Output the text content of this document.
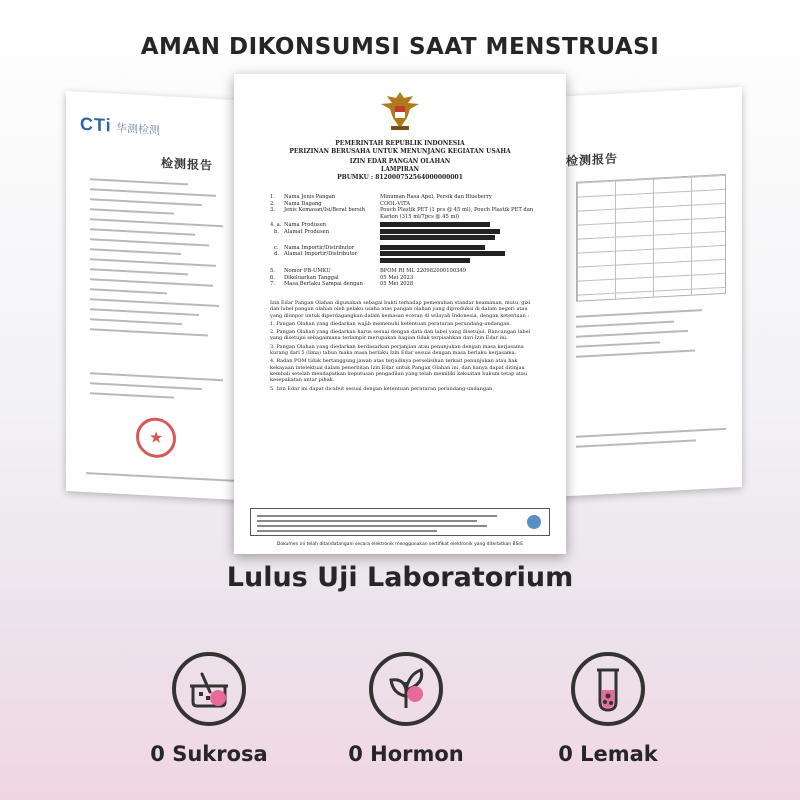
AMAN DIKONSUMSI SAAT MENSTRUASI
CTi 华测检测
检测报告
★	检测报告
PEMERINTAH REPUBLIK INDONESIA
PERIZINAN BERUSAHA UNTUK MENUNJANG KEGIATAN USAHA
IZIN EDAR PANGAN OLAHAN
LAMPIRAN
PBUMKU : 812000752564000000001
1.	Nama Jenis Pangan	Minuman Rasa Apel, Persik dan Blueberry
2.	Nama Dagang	COOL-VITA
3.	Jenis Kemasan/Isi/Berat bersih	Pouch Plastik PET (1 pcs @ 45 ml), Pouch Plastik PET dan Karton (315 ml/7pcs @ 45 ml)
4. a. Nama Produsen
b. Alamat Produsen
c.	Nama Importir/Distributor
d. Alamat Importir/Distributor
5.	Nomor PB-UMKU	BPOM RI ML 220982000100349
6.	Dikeluarkan Tanggal	05 Mei 2023
7.	Masa Berlaku Sampai dengan	05 Mei 2028
Izin Edar Pangan Olahan digunakan sebagai bukti terhadap pemenuhan standar keamanan, mutu, gizi dan label pangan olahan oleh pelaku usaha atas pangan olahan yang diproduksi di dalam negeri atau yang diimpor untuk diperdagangkan dalam kemasan eceran di wilayah Indonesia, dengan ketentuan :
1. Pangan Olahan yang diedarkan wajib memenuhi ketentuan peraturan perundang-undangan.
2. Pangan Olahan yang diedarkan harus sesuai dengan data dan label yang disetujui. Rancangan label yang disetujui sebagaimana terlampir merupakan bagian tidak terpisahkan dari Izin Edar ini.
3. Pangan Olahan yang diedarkan berdasarkan perjanjian atau penunjukan dengan masa kerjasama kurang dari 5 (lima) tahun maka masa berlaku Izin Edar sesuai dengan masa berlaku kerjasama.
4. Badan POM tidak bertanggung jawab atas terjadinya perselisihan terkait penunjukan atau hak kekayaan intelektual dalam penerbitan Izin Edar untuk Pangan Olahan ini, dan hanya dapat ditinjau kembali setelah mendapatkan keputusan pengadilan yang telah memiliki kekuatan hukum tetap atau kesepakatan antar pihak.
5. Izin Edar ini dapat dicabut sesuai dengan ketentuan peraturan perundang-undangan.
Dokumen ini telah ditandatangani secara elektronik menggunakan sertifikat elektronik yang diterbitkan BSrE
Lulus Uji Laboratorium
0 Sukrosa	0 Hormon	0 Lemak
